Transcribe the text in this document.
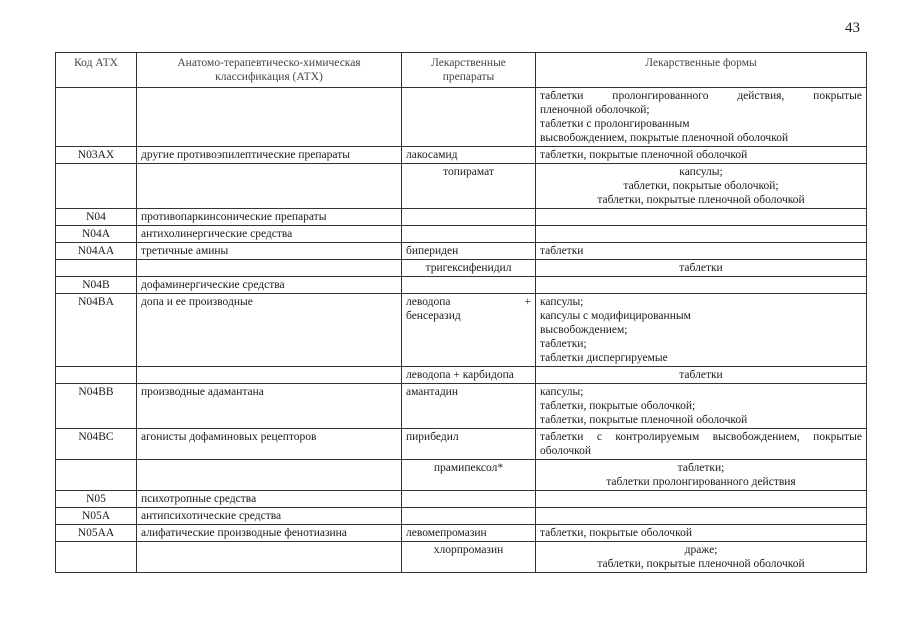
43
Код АТХ	Анатомо-терапевтическо-химическая классификация (АТХ)	Лекарственные препараты	Лекарственные формы

			таблетки пролонгированного действия, покрытые
пленочной оболочкой;
таблетки с пролонгированным
высвобождением, покрытые пленочной оболочкой

N03AX	другие противоэпилептические препараты	лакосамид	таблетки, покрытые пленочной оболочкой

		топирамат	капсулы;
таблетки, покрытые оболочкой;
таблетки, покрытые пленочной оболочкой

N04	противопаркинсонические препараты		
N04A	антихолинергические средства		
N04AA	третичные амины	бипериден	таблетки

		тригексифенидил	таблетки

N04B	дофаминергические средства		
N04BA	допа и ее производные	леводопа +
бенсеразид	капсулы;
капсулы с модифицированным
высвобождением;
таблетки;
таблетки диспергируемые

		леводопа + карбидопа	таблетки

N04BB	производные адамантана	амантадин	капсулы;
таблетки, покрытые оболочкой;
таблетки, покрытые пленочной оболочкой

N04BC	агонисты дофаминовых рецепторов	пирибедил	таблетки с контролируемым высвобождением, покрытые
оболочкой

		прамипексол*	таблетки;
таблетки пролонгированного действия

N05	психотропные средства		
N05A	антипсихотические средства		
N05AA	алифатические производные фенотиазина	левомепромазин	таблетки, покрытые оболочкой

		хлорпромазин	драже;
таблетки, покрытые пленочной оболочкой
